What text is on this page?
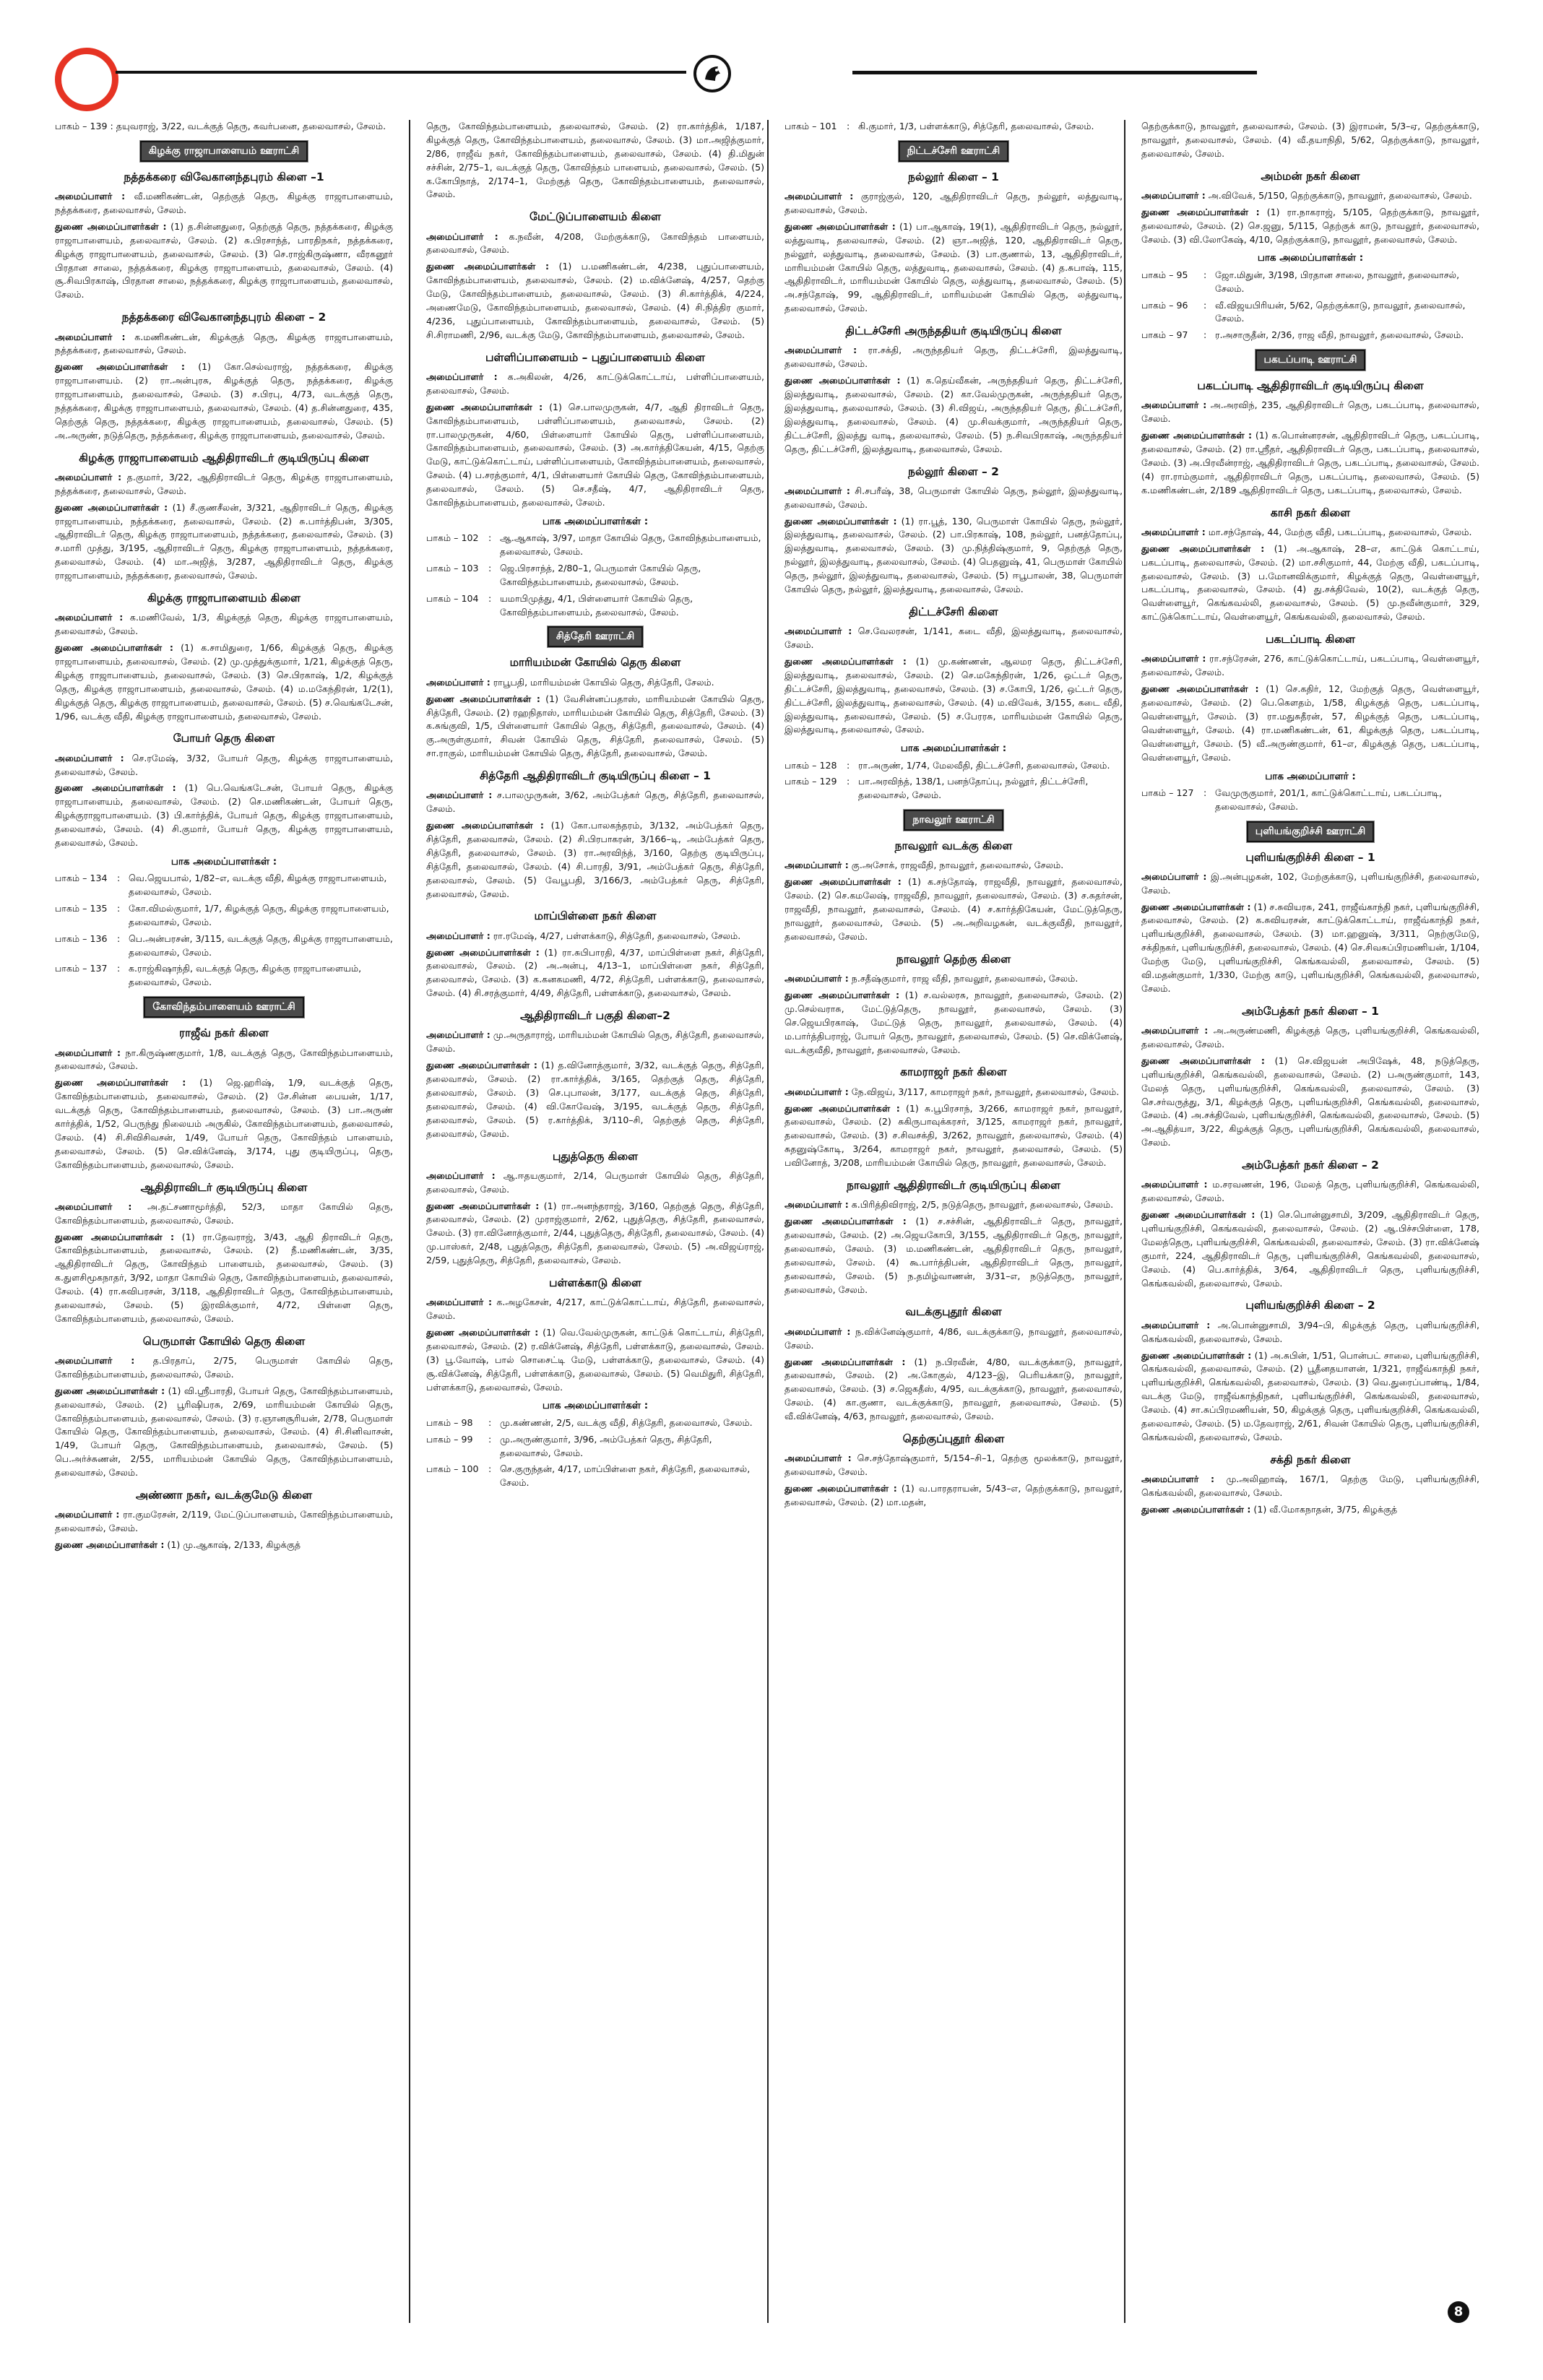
பாகம் – 139 : தயுவராஜ், 3/22, வடக்குத் தெரு, கவர்பனை, தலைவாசல், சேலம்.

கிழக்கு ராஜாபாளையம் ஊராட்சி
நத்தக்கரை விவேகானந்தபுரம் கிளை –1

அமைப்பாளர் : வீ.மணிகண்டன், தெற்குத் தெரு, கிழக்கு ராஜாபாளையம், நத்தக்கரை, தலைவாசல், சேலம்.

துணை அமைப்பாளர்கள் : (1) த.சின்னதுரை, தெற்குத் தெரு, நத்தக்கரை, கிழக்கு ராஜாபாளையம், தலைவாசல், சேலம். (2) சு.பிரசாந்த், பாரதிநகர், நத்தக்கரை, கிழக்கு ராஜாபாளையம், தலைவாசல், சேலம். (3) செ.ராஜ்கிருஷ்ணா, வீரகனூர் பிரதான சாலை, நத்தக்கரை, கிழக்கு ராஜாபாளையம், தலைவாசல், சேலம். (4) சூ.சிவபிரகாஷ், பிரதான சாலை, நத்தக்கரை, கிழக்கு ராஜாபாளையம், தலைவாசல், சேலம்.

நத்தக்கரை விவேகானந்தபுரம் கிளை – 2

அமைப்பாளர் : க.மணிகண்டன், கிழக்குத் தெரு, கிழக்கு ராஜாபாளையம், நத்தக்கரை, தலைவாசல், சேலம்.

துணை அமைப்பாளர்கள் : (1) கோ.செல்வராஜ், நத்தக்கரை, கிழக்கு ராஜாபாளையம். (2) ரா.அன்புரசு, கிழக்குத் தெரு, நத்தக்கரை, கிழக்கு ராஜாபாளையம், தலைவாசல், சேலம். (3) ச.பிரபு, 4/73, வடக்குத் தெரு, நத்தக்கரை, கிழக்கு ராஜாபாளையம், தலைவாசல், சேலம். (4) த.சின்னதுரை, 435, தெற்குத் தெரு, நத்தக்கரை, கிழக்கு ராஜாபாளையம், தலைவாசல், சேலம். (5) அ.அருண், நடுத்தெரு, நத்தக்கரை, கிழக்கு ராஜாபாளையம், தலைவாசல், சேலம்.

கிழக்கு ராஜாபாளையம் ஆதிதிராவிடர் குடியிருப்பு கிளை

அமைப்பாளர் : த.குமார், 3/22, ஆதிதிராவிடர் தெரு, கிழக்கு ராஜாபாளையம், நத்தக்கரை, தலைவாசல், சேலம்.

துணை அமைப்பாளர்கள் : (1) சீ.குணசீலன், 3/321, ஆதிராவிடர் தெரு, கிழக்கு ராஜாபாளையம், நத்தக்கரை, தலைவாசல், சேலம். (2) சு.பார்த்திபன், 3/305, ஆதிராவிடர் தெரு, கிழக்கு ராஜாபாளையம், நத்தக்கரை, தலைவாசல், சேலம். (3) ச.மாரி முத்து, 3/195, ஆதிராவிடர் தெரு, கிழக்கு ராஜாபாளையம், நத்தக்கரை, தலைவாசல், சேலம். (4) மா.அஜித், 3/287, ஆதிதிராவிடர் தெரு, கிழக்கு ராஜாபாளையம், நத்தக்கரை, தலைவாசல், சேலம்.

கிழக்கு ராஜாபாளையம் கிளை

அமைப்பாளர் : க.மணிவேல், 1/3, கிழக்குத் தெரு, கிழக்கு ராஜாபாளையம், தலைவாசல், சேலம்.

துணை அமைப்பாளர்கள் : (1) க.சாமிதுரை, 1/66, கிழக்குத் தெரு, கிழக்கு ராஜாபாளையம், தலைவாசல், சேலம். (2) மு.முத்துக்குமார், 1/21, கிழக்குத் தெரு, கிழக்கு ராஜாபாளையம், தலைவாசல், சேலம். (3) செ.பிரகாஷ், 1/2, கிழக்குத் தெரு, கிழக்கு ராஜாபாளையம், தலைவாசல், சேலம். (4) ம.மகேந்திரன், 1/2(1), கிழக்குத் தெரு, கிழக்கு ராஜாபாளையம், தலைவாசல், சேலம். (5) ச.வெங்கடேசன், 1/96, வடக்கு வீதி, கிழக்கு ராஜாபாளையம், தலைவாசல், சேலம்.

போயர் தெரு கிளை

அமைப்பாளர் : செ.ரமேஷ், 3/32, போயர் தெரு, கிழக்கு ராஜாபாளையம், தலைவாசல், சேலம்.

துணை அமைப்பாளர்கள் : (1) பெ.வெங்கடேசன், போயர் தெரு, கிழக்கு ராஜாபாளையம், தலைவாசல், சேலம். (2) செ.மணிகண்டன், போயர் தெரு, கிழக்குராஜாபாளையம். (3) பி.கார்த்திக், போயர் தெரு, கிழக்கு ராஜாபாளையம், தலைவாசல், சேலம். (4) சி.குமார், போயர் தெரு, கிழக்கு ராஜாபாளையம், தலைவாசல், சேலம்.

பாக அமைப்பாளர்கள் :
பாகம் – 134	: வெ.ஜெயபால், 1/82–எ, வடக்கு வீதி, கிழக்கு ராஜாபாளையம், தலைவாசல், சேலம்.
பாகம் – 135	: கோ.விமல்குமார், 1/7, கிழக்குத் தெரு, கிழக்கு ராஜாபாளையம், தலைவாசல், சேலம்.
பாகம் – 136	: பெ.அன்பரசன், 3/115, வடக்குத் தெரு, கிழக்கு ராஜாபாளையம், தலைவாசல், சேலம்.
பாகம் – 137	: க.ராஜ்கிஷாந்தி, வடக்குத் தெரு, கிழக்கு ராஜாபாளையம், தலைவாசல், சேலம்.
கோவிந்தம்பாளையம் ஊராட்சி
ராஜீவ் நகர் கிளை

அமைப்பாளர் : நா.கிருஷ்ணகுமார், 1/8, வடக்குத் தெரு, கோவிந்தம்பாளையம், தலைவாசல், சேலம்.

துணை அமைப்பாளர்கள் : (1) ஜெ.ஹரிஷ், 1/9, வடக்குத் தெரு, கோவிந்தம்பாளையம், தலைவாசல், சேலம். (2) சே.சின்ன பையன், 1/17, வடக்குத் தெரு, கோவிந்தம்பாளையம், தலைவாசல், சேலம். (3) பா.அருண் கார்த்திக், 1/52, பெருந்து நிலையம் அருகில், கோவிந்தம்பாளையம், தலைவாசல், சேலம். (4) சி.சிவிசிவசன், 1/49, போயர் தெரு, கோவிந்தம் பாளையம், தலைவாசல், சேலம். (5) செ.விக்னேஷ், 3/174, புது குடியிருப்பு, தெரு, கோவிந்தம்பாளையம், தலைவாசல், சேலம்.

ஆதிதிராவிடர் குடியிருப்பு கிளை

அமைப்பாளர் : அ.தட்சணாமூர்த்தி, 52/3, மாதா கோயில் தெரு, கோவிந்தம்பாளையம், தலைவாசல், சேலம்.

துணை அமைப்பாளர்கள் : (1) ரா.தேவராஜ், 3/43, ஆதி திராவிடர் தெரு, கோவிந்தம்பாளையம், தலைவாசல், சேலம். (2) நீ.மணிகண்டன், 3/35, ஆதிதிராவிடர் தெரு, கோவிந்தம் பாளையம், தலைவாசல், சேலம். (3) க.துளசிமூகநாதர், 3/92, மாதா கோயில் தெரு, கோவிந்தம்பாளையம், தலைவாசல், சேலம். (4) ரா.சுவிபரசன், 3/118, ஆதிதிராவிடர் தெரு, கோவிந்தம்பாளையம், தலைவாசல், சேலம். (5) இரவிக்குமார், 4/72, பிள்ளை தெரு, கோவிந்தம்பாளையம், தலைவாசல், சேலம்.

பெருமாள் கோயில் தெரு கிளை

அமைப்பாளர் : த.பிரதாப், 2/75, பெருமாள் கோயில் தெரு, கோவிந்தம்பாளையம், தலைவாசல், சேலம்.

துணை அமைப்பாளர்கள் : (1) வி.ஸ்ரீபாரதி, போயர் தெரு, கோவிந்தம்பாளையம், தலைவாசல், சேலம். (2) பூரிஷிபரசு, 2/69, மாரியம்மன் கோயில் தெரு, கோவிந்தம்பாளையம், தலைவாசல், சேலம். (3) ர.ஞானசூரியன், 2/78, பெருமாள் கோயில் தெரு, கோவிந்தம்பாளையம், தலைவாசல், சேலம். (4) சி.சினிவாசன், 1/49, போயர் தெரு, கோவிந்தம்பாளையம், தலைவாசல், சேலம். (5) பெ.அர்ச்சுணன், 2/55, மாரியம்மன் கோயில் தெரு, கோவிந்தம்பாளையம், தலைவாசல், சேலம்.

அண்ணா நகர், வடக்குமேடு கிளை

அமைப்பாளர் : ரா.குமரேசன், 2/119, மேட்டுப்பாளையம், கோவிந்தம்பாளையம், தலைவாசல், சேலம்.

துணை அமைப்பாளர்கள் : (1) மு.ஆகாஷ், 2/133, கிழக்குத்

தெரு, கோவிந்தம்பாளையம், தலைவாசல், சேலம். (2) ரா.கார்த்திக், 1/187, கிழக்குத் தெரு, கோவிந்தம்பாளையம், தலைவாசல், சேலம். (3) மா.அஜித்குமார், 2/86, ராஜீவ் நகர், கோவிந்தம்பாளையம், தலைவாசல், சேலம். (4) தி.மிதுன் சச்சின், 2/75–1, வடக்குத் தெரு, கோவிந்தம் பாளையம், தலைவாசல், சேலம். (5) க.கோபிநாத், 2/174–1, மேற்குத் தெரு, கோவிந்தம்பாளையம், தலைவாசல், சேலம்.

மேட்டுப்பாளையம் கிளை

அமைப்பாளர் : க.நவீன், 4/208, மேற்குக்காடு, கோவிந்தம் பாளையம், தலைவாசல், சேலம்.

துணை அமைப்பாளர்கள் : (1) ப.மணிகண்டன், 4/238, புதுப்பாளையம், கோவிந்தம்பாளையம், தலைவாசல், சேலம். (2) ம.விக்னேஷ், 4/257, தெற்கு மேடு, கோவிந்தம்பாளையம், தலைவாசல், சேலம். (3) சி.கார்த்திக், 4/224, அணைமேடு, கோவிந்தம்பாளையம், தலைவாசல், சேலம். (4) சி.நித்திர குமார், 4/236, புதுப்பாளையம், கோவிந்தம்பாளையம், தலைவாசல், சேலம். (5) சி.சிராமணி, 2/96, வடக்கு மேடு, கோவிந்தம்பாளையம், தலைவாசல், சேலம்.

பள்ளிப்பாளையம் – புதுப்பாளையம் கிளை

அமைப்பாளர் : க.அகிலன், 4/26, காட்டுக்கொட்டாய், பள்ளிப்பாளையம், தலைவாசல், சேலம்.

துணை அமைப்பாளர்கள் : (1) செ.பாலமுருகன், 4/7, ஆதி திராவிடர் தெரு, கோவிந்தம்பாளையம், பள்ளிப்பாளையம், தலைவாசல், சேலம். (2) ரா.பாலமுருகன், 4/60, பிள்ளையார் கோயில் தெரு, பள்ளிப்பாளையம், கோவிந்தம்பாளையம், தலைவாசல், சேலம். (3) அ.கார்த்திகேயன், 4/15, தெற்கு மேடு, காட்டுக்கொட்டாய், பள்ளிப்பாளையம், கோவிந்தம்பாளையம், தலைவாசல், சேலம். (4) ப.சரத்குமார், 4/1, பிள்ளையார் கோயில் தெரு, கோவிந்தம்பாளையம், தலைவாசல், சேலம். (5) செ.சதீஷ், 4/7, ஆதிதிராவிடர் தெரு, கோவிந்தம்பாளையம், தலைவாசல், சேலம்.

பாக அமைப்பாளர்கள் :
பாகம் – 102	: ஆ.ஆகாஷ், 3/97, மாதா கோயில் தெரு, கோவிந்தம்பாளையம், தலைவாசல், சேலம்.
பாகம் – 103	: ஜெ.பிரசாந்த், 2/80–1, பெருமாள் கோயில் தெரு, கோவிந்தம்பாளையம், தலைவாசல், சேலம்.
பாகம் – 104	: யமாபிமுத்து, 4/1, பிள்ளையார் கோயில் தெரு, கோவிந்தம்பாளையம், தலைவாசல், சேலம்.
சித்தேரி ஊராட்சி
மாரியம்மன் கோயில் தெரு கிளை

அமைப்பாளர் : ராபூபதி, மாரியம்மன் கோயில் தெரு, சித்தேரி, சேலம்.

துணை அமைப்பாளர்கள் : (1) வேசின்னப்பதாஸ், மாரியம்மன் கோயில் தெரு, சித்தேரி, சேலம். (2) ரஹநிதாஸ், மாரியம்மன் கோயில் தெரு, சித்தேரி, சேலம். (3) க.சுங்குவி, 1/5, பிள்ளையார் கோயில் தெரு, சித்தேரி, தலைவாசல், சேலம். (4) கு.அருள்குமார், சிவன் கோயில் தெரு, சித்தேரி, தலைவாசல், சேலம். (5) சா.ராகுல், மாரியம்மன் கோயில் தெரு, சித்தேரி, தலைவாசல், சேலம்.

சித்தேரி ஆதிதிராவிடர் குடியிருப்பு கிளை – 1

அமைப்பாளர் : ச.பாலமுருகன், 3/62, அம்பேத்கர் தெரு, சித்தேரி, தலைவாசல், சேலம்.

துணை அமைப்பாளர்கள் : (1) கோ.பாலகந்தரம், 3/132, அம்பேத்கர் தெரு, சித்தேரி, தலைவாசல், சேலம். (2) சி.பிரபாகரன், 3/166–டி, அம்பேத்கர் தெரு, சித்தேரி, தலைவாசல், சேலம். (3) ரா.அரவிந்த், 3/160, தெற்கு குடியிருப்பு, சித்தேரி, தலைவாசல், சேலம். (4) சி.பாரதி, 3/91, அம்பேத்கர் தெரு, சித்தேரி, தலைவாசல், சேலம். (5) வேபூபதி, 3/166/3, அம்பேத்கர் தெரு, சித்தேரி, தலைவாசல், சேலம்.

மாப்பிள்ளை நகர் கிளை

அமைப்பாளர் : ரா.ரமேஷ், 4/27, பள்ளக்காடு, சித்தேரி, தலைவாசல், சேலம்.

துணை அமைப்பாளர்கள் : (1) ரா.சுபிபாரதி, 4/37, மாப்பிள்ளை நகர், சித்தேரி, தலைவாசல், சேலம். (2) அ.அன்பு, 4/13–1, மாப்பிள்ளை நகர், சித்தேரி, தலைவாசல், சேலம். (3) க.கனகமணி, 4/72, சித்தேரி, பள்ளக்காடு, தலைவாசல், சேலம். (4) சி.சரத்குமார், 4/49, சித்தேரி, பள்ளக்காடு, தலைவாசல், சேலம்.

ஆதிதிராவிடர் பகுதி கிளை–2

அமைப்பாளர் : மு.அருதாராஜ், மாரியம்மன் கோயில் தெரு, சித்தேரி, தலைவாசல், சேலம்.

துணை அமைப்பாளர்கள் : (1) த.வினோத்குமார், 3/32, வடக்குத் தெரு, சித்தேரி, தலைவாசல், சேலம். (2) ரா.கார்த்திக், 3/165, தெற்குத் தெரு, சித்தேரி, தலைவாசல், சேலம். (3) செ.புபாலன், 3/177, வடக்குத் தெரு, சித்தேரி, தலைவாசல், சேலம். (4) வி.கோவேஷ், 3/195, வடக்குத் தெரு, சித்தேரி, தலைவாசல், சேலம். (5) ர.கார்த்திக், 3/110–சி, தெற்குத் தெரு, சித்தேரி, தலைவாசல், சேலம்.

புதுத்தெரு கிளை

அமைப்பாளர் : ஆ.ஈதயகுமார், 2/14, பெருமாள் கோயில் தெரு, சித்தேரி, தலைவாசல், சேலம்.

துணை அமைப்பாளர்கள் : (1) ரா.அனந்தராஜ், 3/160, தெற்குத் தெரு, சித்தேரி, தலைவாசல், சேலம். (2) முராஜ்குமார், 2/62, புதுத்தெரு, சித்தேரி, தலைவாசல், சேலம். (3) ரா.வினோத்குமார், 2/44, புதுத்தெரு, சித்தேரி, தலைவாசல், சேலம். (4) மு.பாஸ்கர், 2/48, புதுத்தெரு, சித்தேரி, தலைவாசல், சேலம். (5) அ.விஜய்ராஜ், 2/59, புதுத்தெரு, சித்தேரி, தலைவாசல், சேலம்.

பள்ளக்காடு கிளை

அமைப்பாளர் : க.அழகேசன், 4/217, காட்டுக்கொட்டாய், சித்தேரி, தலைவாசல், சேலம்.

துணை அமைப்பாளர்கள் : (1) வெ.வேல்முருகன், காட்டுக் கொட்டாய், சித்தேரி, தலைவாசல், சேலம். (2) ர.விக்னேஷ், சித்தேரி, பள்ளக்காடு, தலைவாசல், சேலம். (3) பூ.வோஷ், பால் சொசைட்டி மேடு, பள்ளக்காடு, தலைவாசல், சேலம். (4) சூ.விக்னேஷ், சித்தேரி, பள்ளக்காடு, தலைவாசல், சேலம். (5) வெமிதுரி, சித்தேரி, பள்ளக்காடு, தலைவாசல், சேலம்.

பாக அமைப்பாளர்கள் :
பாகம் – 98	: மு.கண்ணன், 2/5, வடக்கு வீதி, சித்தேரி, தலைவாசல், சேலம்.
பாகம் – 99	: மு.அருண்குமார், 3/96, அம்பேத்கர் தெரு, சித்தேரி, தலைவாசல், சேலம்.
பாகம் – 100	: செ.குருந்தன், 4/17, மாப்பிள்ளை நகர், சித்தேரி, தலைவாசல், சேலம்.
பாகம் – 101	: கி.குமார், 1/3, பள்ளக்காடு, சித்தேரி, தலைவாசல், சேலம்.
நிட்டச்சேரி ஊராட்சி
நல்லூர் கிளை – 1

அமைப்பாளர் : குராஜ்குல், 120, ஆதிதிராவிடர் தெரு, நல்லூர், லத்துவாடி, தலைவாசல், சேலம்.

துணை அமைப்பாளர்கள் : (1) பா.ஆகாஷ், 19(1), ஆதிதிராவிடர் தெரு, நல்லூர், லத்துவாடி, தலைவாசல், சேலம். (2) ஞா.அஜித், 120, ஆதிதிராவிடர் தெரு, நல்லூர், லத்துவாடி, தலைவாசல், சேலம். (3) பா.குணால், 13, ஆதிதிராவிடர், மாரியம்மன் கோயில் தெரு, லத்துவாடி, தலைவாசல், சேலம். (4) த.சுபாஷ், 115, ஆதிதிராவிடர், மாரியம்மன் கோயில் தெரு, லத்துவாடி, தலைவாசல், சேலம். (5) அ.சந்தோஷ், 99, ஆதிதிராவிடர், மாரியம்மன் கோயில் தெரு, லத்துவாடி, தலைவாசல், சேலம்.

திட்டச்சேரி அருந்ததியர் குடியிருப்பு கிளை

அமைப்பாளர் : ரா.சக்தி, அருந்ததியர் தெரு, திட்டச்சேரி, இலத்துவாடி, தலைவாசல், சேலம்.

துணை அமைப்பாளர்கள் : (1) க.தெய்வீகன், அருந்ததியர் தெரு, திட்டச்சேரி, இலத்துவாடி, தலைவாசல், சேலம். (2) கா.வேல்முருகன், அருந்ததியர் தெரு, இலத்துவாடி, தலைவாசல், சேலம். (3) சி.விஜய், அருந்ததியர் தெரு, திட்டச்சேரி, இலத்துவாடி, தலைவாசல், சேலம். (4) மு.சிவக்குமார், அருந்ததியர் தெரு, திட்டச்சேரி, இலத்து வாடி, தலைவாசல், சேலம். (5) ந.சிவபிரகாஷ், அருந்ததியர் தெரு, திட்டச்சேரி, இலத்துவாடி, தலைவாசல், சேலம்.

நல்லூர் கிளை – 2

அமைப்பாளர் : சி.சபரீஷ், 38, பெருமாள் கோயில் தெரு, நல்லூர், இலத்துவாடி, தலைவாசல், சேலம்.

துணை அமைப்பாளர்கள் : (1) ரா.பூத், 130, பெருமாள் கோயில் தெரு, நல்லூர், இலத்துவாடி, தலைவாசல், சேலம். (2) பா.பிரகாஷ், 108, நல்லூர், பனத்தோப்பு, இலத்துவாடி, தலைவாசல், சேலம். (3) மு.நித்திஷ்குமார், 9, தெற்குத் தெரு, நல்லூர், இலத்துவாடி, தலைவாசல், சேலம். (4) பெதனுஷ், 41, பெருமாள் கோயில் தெரு, நல்லூர், இலத்துவாடி, தலைவாசல், சேலம். (5) ஈபூபாலன், 38, பெருமாள் கோயில் தெரு, நல்லூர், இலத்துவாடி, தலைவாசல், சேலம்.

திட்டச்சேரி கிளை

அமைப்பாளர் : செ.வேலரசன், 1/141, கடை வீதி, இலத்துவாடி, தலைவாசல், சேலம்.

துணை அமைப்பாளர்கள் : (1) மு.கண்ணன், ஆலமர தெரு, திட்டச்சேரி, இலத்துவாடி, தலைவாசல், சேலம். (2) செ.மகேந்திரன், 1/26, ஒட்டர் தெரு, திட்டச்சேரி, இலத்துவாடி, தலைவாசல், சேலம். (3) ச.கோபி, 1/26, ஒட்டர் தெரு, திட்டச்சேரி, இலத்துவாடி, தலைவாசல், சேலம். (4) ம.விவேக், 3/155, கடை வீதி, இலத்துவாடி, தலைவாசல், சேலம். (5) ச.பேரரசு, மாரியம்மன் கோயில் தெரு, இலத்துவாடி, தலைவாசல், சேலம்.

பாக அமைப்பாளர்கள் :
பாகம் – 128	: ரா.அருண், 1/74, மேலவீதி, திட்டச்சேரி, தலைவாசல், சேலம்.
பாகம் – 129	: பா.அரவிந்த், 138/1, பனந்தோப்பு, நல்லூர், திட்டச்சேரி, தலைவாசல், சேலம்.
நாவலூர் ஊராட்சி
நாவலூர் வடக்கு கிளை

அமைப்பாளர் : கு.அசோக், ராஜவீதி, நாவலூர், தலைவாசல், சேலம்.

துணை அமைப்பாளர்கள் : (1) க.சந்தோஷ், ராஜவீதி, நாவலூர், தலைவாசல், சேலம். (2) செ.கமலேஷ், ராஜவீதி, நாவலூர், தலைவாசல், சேலம். (3) ச.சுதர்சன், ராஜவீதி, நாவலூர், தலைவாசல், சேலம். (4) ச.கார்த்திகேயன், மேட்டுத்தெரு, நாவலூர், தலைவாசல், சேலம். (5) அ.அறிவழகன், வடக்குவீதி, நாவலூர், தலைவாசல், சேலம்.

நாவலூர் தெற்கு கிளை

அமைப்பாளர் : ந.சதீஷ்குமார், ராஜ வீதி, நாவலூர், தலைவாசல், சேலம்.

துணை அமைப்பாளர்கள் : (1) ச.வல்லரசு, நாவலூர், தலைவாசல், சேலம். (2) மு.செல்வராசு, மேட்டுத்தெரு, நாவலூர், தலைவாசல், சேலம். (3) செ.ஜெயபிரகாஷ், மேட்டுத் தெரு, நாவலூர், தலைவாசல், சேலம். (4) ம.பார்த்திபராஜ், போயர் தெரு, நாவலூர், தலைவாசல், சேலம். (5) செ.விக்னேஷ், வடக்குவீதி, நாவலூர், தலைவாசல், சேலம்.

காமராஜர் நகர் கிளை

அமைப்பாளர் : நே.விஜய், 3/117, காமராஜர் நகர், நாவலூர், தலைவாசல், சேலம்.

துணை அமைப்பாளர்கள் : (1) சு.பூபிரசாந், 3/266, காமராஜர் நகர், நாவலூர், தலைவாசல், சேலம். (2) சுகிருபாவுக்கரசர், 3/125, காமராஜர் நகர், நாவலூர், தலைவாசல், சேலம். (3) ச.சிவசக்தி, 3/262, நாவலூர், தலைவாசல், சேலம். (4) சுதனுஷ்கோடி, 3/264, காமராஜர் நகர், நாவலூர், தலைவாசல், சேலம். (5) பவினோத், 3/208, மாரியம்மன் கோயில் தெரு, நாவலூர், தலைவாசல், சேலம்.

நாவலூர் ஆதிதிராவிடர் குடியிருப்பு கிளை

அமைப்பாளர் : க.பிரித்திவிராஜ், 2/5, நடுத்தெரு, நாவலூர், தலைவாசல், சேலம்.

துணை அமைப்பாளர்கள் : (1) ச.சச்சின், ஆதிதிராவிடர் தெரு, நாவலூர், தலைவாசல், சேலம். (2) அ.ஜெயகோபி, 3/155, ஆதிதிராவிடர் தெரு, நாவலூர், தலைவாசல், சேலம். (3) ம.மணிகண்டன், ஆதிதிராவிடர் தெரு, நாவலூர், தலைவாசல், சேலம். (4) கூ.பார்த்திபன், ஆதிதிராவிடர் தெரு, நாவலூர், தலைவாசல், சேலம். (5) ந.தமிழ்வாணன், 3/31–எ, நடுத்தெரு, நாவலூர், தலைவாசல், சேலம்.

வடக்குபுதூர் கிளை

அமைப்பாளர் : ந.விக்னேஷ்குமார், 4/86, வடக்குக்காடு, நாவலூர், தலைவாசல், சேலம்.

துணை அமைப்பாளர்கள் : (1) ந.பிரவீன், 4/80, வடக்குக்காடு, நாவலூர், தலைவாசல், சேலம். (2) அ.கோகுல், 4/123–இ, பெரியக்காடு, நாவலூர், தலைவாசல், சேலம். (3) ச.ஜெகதீஸ், 4/95, வடக்குக்காடு, நாவலூர், தலைவாசல், சேலம். (4) கா.குணா, வடக்குக்காடு, நாவலூர், தலைவாசல், சேலம். (5) வீ.விக்னேஷ், 4/63, நாவலூர், தலைவாசல், சேலம்.

தெற்குப்புதூர் கிளை

அமைப்பாளர் : செ.சந்தோஷ்குமார், 5/154–சி–1, தெற்கு மூலக்காடு, நாவலூர், தலைவாசல், சேலம்.

துணை அமைப்பாளர்கள் : (1) வ.பாரதராயன், 5/43–எ, தெற்குக்காடு, நாவலூர், தலைவாசல், சேலம். (2) மா.மதன்,

தெற்குக்காடு, நாவலூர், தலைவாசல், சேலம். (3) இராமன், 5/3–ஏ, தெற்குக்காடு, நாவலூர், தலைவாசல், சேலம். (4) வீ.தயாநிதி, 5/62, தெற்குக்காடு, நாவலூர், தலைவாசல், சேலம்.

அம்மன் நகர் கிளை

அமைப்பாளர் : அ.விவேக், 5/150, தெற்குக்காடு, நாவலூர், தலைவாசல், சேலம்.

துணை அமைப்பாளர்கள் : (1) ரா.நாகராஜ், 5/105, தெற்குக்காடு, நாவலூர், தலைவாசல், சேலம். (2) செ.ஜனு, 5/115, தெற்குக் காடு, நாவலூர், தலைவாசல், சேலம். (3) வி.லோகேஷ், 4/10, தெற்குக்காடு, நாவலூர், தலைவாசல், சேலம்.

பாக அமைப்பாளர்கள் :
பாகம் – 95	: ஜோ.மிதுன், 3/198, பிரதான சாலை, நாவலூர், தலைவாசல், சேலம்.
பாகம் – 96	: வீ.விஜயபிரியன், 5/62, தெற்குக்காடு, நாவலூர், தலைவாசல், சேலம்.
பாகம் – 97	: ர.அசாருதீன், 2/36, ராஜ வீதி, நாவலூர், தலைவாசல், சேலம்.
பகடப்பாடி ஊராட்சி
பகடப்பாடி ஆதிதிராவிடர் குடியிருப்பு கிளை

அமைப்பாளர் : அ.அரவிந், 235, ஆதிதிராவிடர் தெரு, பகடப்பாடி, தலைவாசல், சேலம்.

துணை அமைப்பாளர்கள் : (1) க.பொன்னரசன், ஆதிதிராவிடர் தெரு, பகடப்பாடி, தலைவாசல், சேலம். (2) ரா.ஸ்ரீதர், ஆதிதிராவிடர் தெரு, பகடப்பாடி, தலைவாசல், சேலம். (3) அ.பிரவீன்ராஜ், ஆதிதிராவிடர் தெரு, பகடப்பாடி, தலைவாசல், சேலம். (4) ரா.ராம்குமார், ஆதிதிராவிடர் தெரு, பகடப்பாடி, தலைவாசல், சேலம். (5) க.மணிகண்டன், 2/189 ஆதிதிராவிடர் தெரு, பகடப்பாடி, தலைவாசல், சேலம்.

காசி நகர் கிளை

அமைப்பாளர் : மா.சந்தோஷ், 44, மேற்கு வீதி, பகடப்பாடி, தலைவாசல், சேலம்.

துணை அமைப்பாளர்கள் : (1) அ.ஆகாஷ், 28–எ, காட்டுக் கொட்டாய், பகடப்பாடி, தலைவாசல், சேலம். (2) மா.சசிகுமார், 44, மேற்கு வீதி, பகடப்பாடி, தலைவாசல், சேலம். (3) ப.மோனவிக்குமார், கிழக்குத் தெரு, வெள்ளையூர், பகடப்பாடி, தலைவாசல், சேலம். (4) து.சக்திவேல், 10(2), வடக்குத் தெரு, வெள்ளையூர், கெங்கவல்லி, தலைவாசல், சேலம். (5) மு.நவீன்குமார், 329, காட்டுக்கொட்டாய், வெள்ளையூர், கெங்கவல்லி, தலைவாசல், சேலம்.

பகடப்பாடி கிளை

அமைப்பாளர் : ரா.சந்ரேசன், 276, காட்டுக்கொட்டாய், பகடப்பாடி, வெள்ளையூர், தலைவாசல், சேலம்.

துணை அமைப்பாளர்கள் : (1) செ.கதிர், 12, மேற்குத் தெரு, வெள்ளையூர், தலைவாசல், சேலம். (2) பெ.கௌதம், 1/58, கிழக்குத் தெரு, பகடப்பாடி, வெள்ளையூர், சேலம். (3) ரா.மதுசுதீரன், 57, கிழக்குத் தெரு, பகடப்பாடி, வெள்ளையூர், சேலம். (4) ரா.மணிகண்டன், 61, கிழக்குத் தெரு, பகடப்பாடி, வெள்ளையூர், சேலம். (5) வீ.அருண்குமார், 61–எ, கிழக்குத் தெரு, பகடப்பாடி, வெள்ளையூர், சேலம்.

பாக அமைப்பாளர் :
பாகம் – 127	: வேமுருகுமார், 201/1, காட்டுக்கொட்டாய், பகடப்பாடி, தலைவாசல், சேலம்.
புளியங்குறிச்சி ஊராட்சி
புளியங்குறிச்சி கிளை – 1

அமைப்பாளர் : இ.அன்புழகன், 102, மேற்குக்காடு, புளியங்குறிச்சி, தலைவாசல், சேலம்.

துணை அமைப்பாளர்கள் : (1) ச.சுவியரசு, 241, ராஜீவ்காந்தி நகர், புளியங்குறிச்சி, தலைவாசல், சேலம். (2) க.சுவியரசன், காட்டுக்கொட்டாய், ராஜீவ்காந்தி நகர், புளியங்குறிச்சி, தலைவாசல், சேலம். (3) மா.ஹனுஷ், 3/311, நெற்குமேடு, சக்திநகர், புளியங்குறிச்சி, தலைவாசல், சேலம். (4) செ.சிவசுப்பிரமணியன், 1/104, மேற்கு மேடு, புளியங்குறிச்சி, கெங்கவல்லி, தலைவாசல், சேலம். (5) வி.மதன்குமார், 1/330, மேற்கு காடு, புளியங்குறிச்சி, கெங்கவல்லி, தலைவாசல், சேலம்.

அம்பேத்கர் நகர் கிளை – 1

அமைப்பாளர் : அ.அருண்மணி, கிழக்குத் தெரு, புளியங்குறிச்சி, கெங்கவல்லி, தலைவாசல், சேலம்.

துணை அமைப்பாளர்கள் : (1) செ.விஜயன் அபிஷேக், 48, நடுத்தெரு, புளியங்குறிச்சி, கெங்கவல்லி, தலைவாசல், சேலம். (2) பஅருண்குமார், 143, மேலத் தெரு, புளியங்குறிச்சி, கெங்கவல்லி, தலைவாசல், சேலம். (3) செ.சர்வருத்து, 3/1, கிழக்குத் தெரு, புளியங்குறிச்சி, கெங்கவல்லி, தலைவாசல், சேலம். (4) அ.சக்திவேல், புளியங்குறிச்சி, கெங்கவல்லி, தலைவாசல், சேலம். (5) அ.ஆதித்யா, 3/22, கிழக்குத் தெரு, புளியங்குறிச்சி, கெங்கவல்லி, தலைவாசல், சேலம்.

அம்பேத்கர் நகர் கிளை – 2

அமைப்பாளர் : ம.சரவணன், 196, மேலத் தெரு, புளியங்குறிச்சி, கெங்கவல்லி, தலைவாசல், சேலம்.

துணை அமைப்பாளர்கள் : (1) செ.பொன்னுசாமி, 3/209, ஆதிதிராவிடர் தெரு, புளியங்குறிச்சி, கெங்கவல்லி, தலைவாசல், சேலம். (2) ஆ.பிச்சபிள்ளை, 178, மேலத்தெரு, புளியங்குறிச்சி, கெங்கவல்லி, தலைவாசல், சேலம். (3) ரா.விக்னேஷ் குமார், 224, ஆதிதிராவிடர் தெரு, புளியங்குறிச்சி, கெங்கவல்லி, தலைவாசல், சேலம். (4) பெ.கார்த்திக், 3/64, ஆதிதிராவிடர் தெரு, புளியங்குறிச்சி, கெங்கவல்லி, தலைவாசல், சேலம்.

புளியங்குறிச்சி கிளை – 2

அமைப்பாளர் : அ.பொன்னுசாமி, 3/94–பி, கிழக்குத் தெரு, புளியங்குறிச்சி, கெங்கவல்லி, தலைவாசல், சேலம்.

துணை அமைப்பாளர்கள் : (1) அ.சுபின், 1/51, பொன்பட் சாலை, புளியங்குறிச்சி, கெங்கவல்லி, தலைவாசல், சேலம். (2) பூதீனதயாளன், 1/321, ராஜீவ்காந்தி நகர், புளியங்குறிச்சி, கெங்கவல்லி, தலைவாசல், சேலம். (3) வெ.துரைப்பாண்டி, 1/84, வடக்கு மேடு, ராஜீவ்காந்திநகர், புளியங்குறிச்சி, கெங்கவல்லி, தலைவாசல், சேலம். (4) சா.சுப்பிரமணியன், 50, கிழக்குத் தெரு, புளியங்குறிச்சி, கெங்கவல்லி, தலைவாசல், சேலம். (5) ம.தேவராஜ், 2/61, சிவன் கோயில் தெரு, புளியங்குறிச்சி, கெங்கவல்லி, தலைவாசல், சேலம்.

சக்தி நகர் கிளை

அமைப்பாளர் : மு.அலிஹாஷ், 167/1, தெற்கு மேடு, புளியங்குறிச்சி, கெங்கவல்லி, தலைவாசல், சேலம்.

துணை அமைப்பாளர்கள் : (1) வீ.மோகநாதன், 3/75, கிழக்குத்

8
